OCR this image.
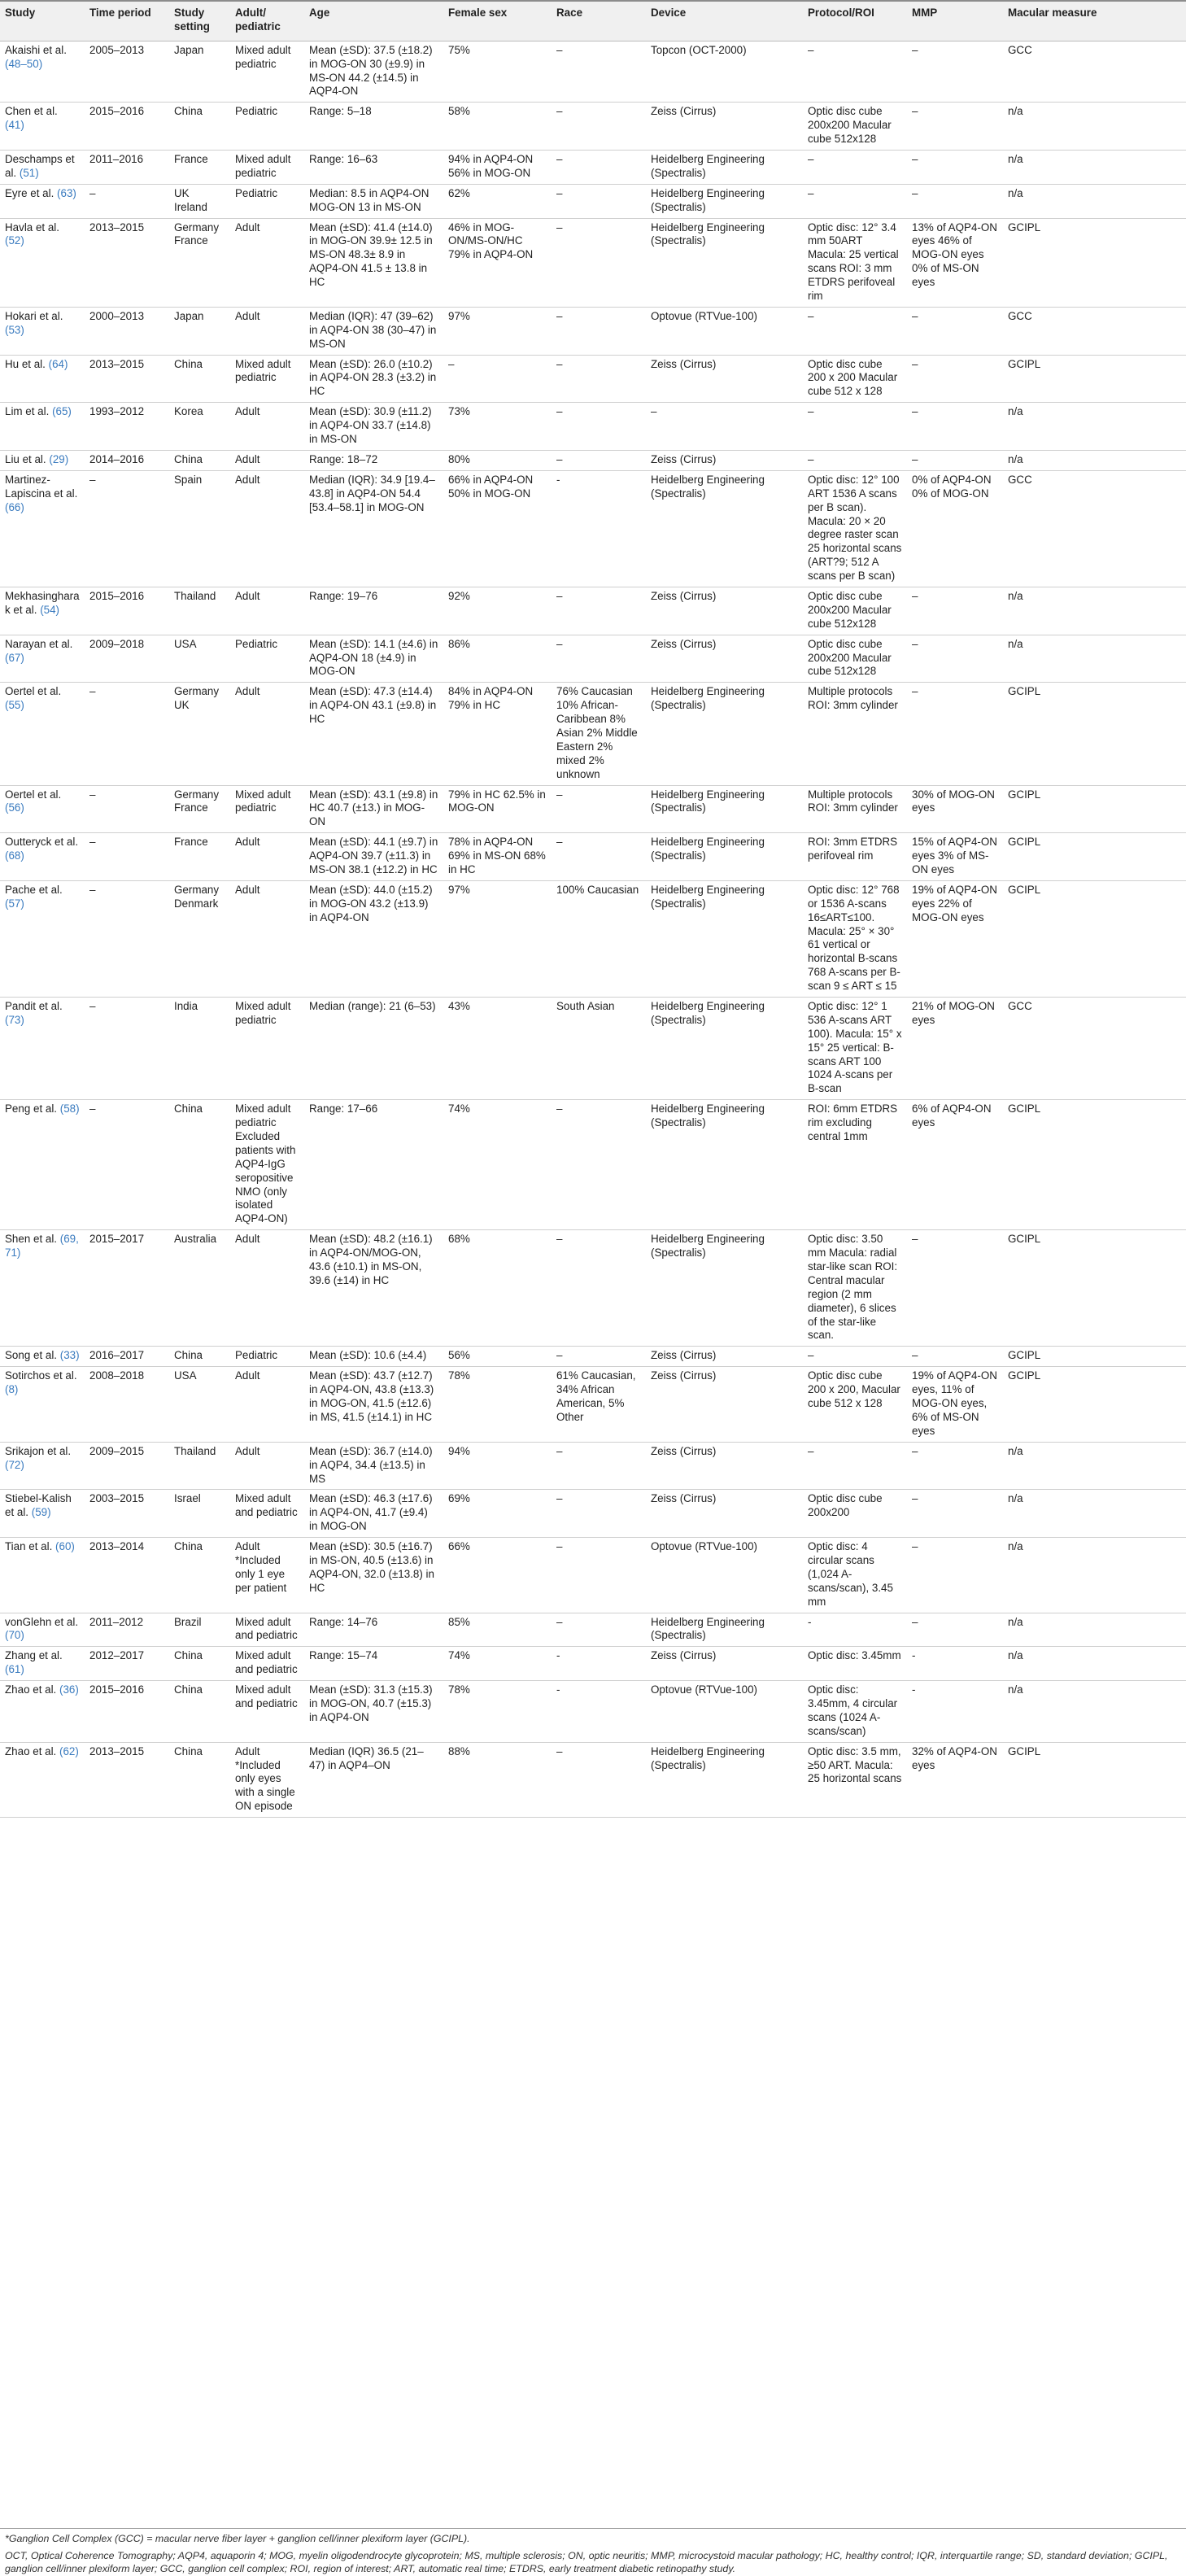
Study	Time period	Study setting	Adult/ pediatric	Age	Female sex	Race	Device	Protocol/ROI	MMP	Macular measure
Akaishi et al. (48–50)	2005–2013	Japan	Mixed adult pediatric	Mean (±SD): 37.5 (±18.2) in MOG-ON 30 (±9.9) in MS-ON 44.2 (±14.5) in AQP4-ON	75%	–	Topcon (OCT-2000)	–	–	GCC
Chen et al. (41)	2015–2016	China	Pediatric	Range: 5–18	58%	–	Zeiss (Cirrus)	Optic disc cube 200x200 Macular cube 512x128	–	n/a
Deschamps et al. (51)	2011–2016	France	Mixed adult pediatric	Range: 16–63	94% in AQP4-ON 56% in MOG-ON	–	Heidelberg Engineering (Spectralis)	–	–	n/a
Eyre et al. (63)	–	UK Ireland	Pediatric	Median: 8.5 in AQP4-ON MOG-ON 13 in MS-ON	62%	–	Heidelberg Engineering (Spectralis)	–	–	n/a
Havla et al. (52)	2013–2015	Germany France	Adult	Mean (±SD): 41.4 (±14.0) in MOG-ON 39.9± 12.5 in MS-ON 48.3± 8.9 in AQP4-ON 41.5 ± 13.8 in HC	46% in MOG-ON/MS-ON/HC 79% in AQP4-ON	–	Heidelberg Engineering (Spectralis)	Optic disc: 12° 3.4 mm 50ART Macula: 25 vertical scans ROI: 3 mm ETDRS perifoveal rim	13% of AQP4-ON eyes 46% of MOG-ON eyes 0% of MS-ON eyes	GCIPL
Hokari et al. (53)	2000–2013	Japan	Adult	Median (IQR): 47 (39–62) in AQP4-ON 38 (30–47) in MS-ON	97%	–	Optovue (RTVue-100)	–	–	GCC
Hu et al. (64)	2013–2015	China	Mixed adult pediatric	Mean (±SD): 26.0 (±10.2) in AQP4-ON 28.3 (±3.2) in HC	–	–	Zeiss (Cirrus)	Optic disc cube 200 x 200 Macular cube 512 x 128	–	GCIPL
Lim et al. (65)	1993–2012	Korea	Adult	Mean (±SD): 30.9 (±11.2) in AQP4-ON 33.7 (±14.8) in MS-ON	73%	–	–	–	–	n/a
Liu et al. (29)	2014–2016	China	Adult	Range: 18–72	80%	–	Zeiss (Cirrus)	–	–	n/a
Martinez-Lapiscina et al. (66)	–	Spain	Adult	Median (IQR): 34.9 [19.4–43.8] in AQP4-ON 54.4 [53.4–58.1] in MOG-ON	66% in AQP4-ON 50% in MOG-ON	-	Heidelberg Engineering (Spectralis)	Optic disc: 12° 100 ART 1536 A scans per B scan). Macula: 20 × 20 degree raster scan 25 horizontal scans (ART?9; 512 A scans per B scan)	0% of AQP4-ON 0% of MOG-ON	GCC
Mekhasingharak et al. (54)	2015–2016	Thailand	Adult	Range: 19–76	92%	–	Zeiss (Cirrus)	Optic disc cube 200x200 Macular cube 512x128	–	n/a
Narayan et al. (67)	2009–2018	USA	Pediatric	Mean (±SD): 14.1 (±4.6) in AQP4-ON 18 (±4.9) in MOG-ON	86%	–	Zeiss (Cirrus)	Optic disc cube 200x200 Macular cube 512x128	–	n/a
Oertel et al. (55)	–	Germany UK	Adult	Mean (±SD): 47.3 (±14.4) in AQP4-ON 43.1 (±9.8) in HC	84% in AQP4-ON 79% in HC	76% Caucasian 10% African-Caribbean 8% Asian 2% Middle Eastern 2% mixed 2% unknown	Heidelberg Engineering (Spectralis)	Multiple protocols ROI: 3mm cylinder	–	GCIPL
Oertel et al. (56)	–	Germany France	Mixed adult pediatric	Mean (±SD): 43.1 (±9.8) in HC 40.7 (±13.) in MOG-ON	79% in HC 62.5% in MOG-ON	–	Heidelberg Engineering (Spectralis)	Multiple protocols ROI: 3mm cylinder	30% of MOG-ON eyes	GCIPL
Outteryck et al. (68)	–	France	Adult	Mean (±SD): 44.1 (±9.7) in AQP4-ON 39.7 (±11.3) in MS-ON 38.1 (±12.2) in HC	78% in AQP4-ON 69% in MS-ON 68% in HC	–	Heidelberg Engineering (Spectralis)	ROI: 3mm ETDRS perifoveal rim	15% of AQP4-ON eyes 3% of MS-ON eyes	GCIPL
Pache et al. (57)	–	Germany Denmark	Adult	Mean (±SD): 44.0 (±15.2) in MOG-ON 43.2 (±13.9) in AQP4-ON	97%	100% Caucasian	Heidelberg Engineering (Spectralis)	Optic disc: 12° 768 or 1536 A-scans 16≤ART≤100. Macula: 25° × 30° 61 vertical or horizontal B-scans 768 A-scans per B-scan 9 ≤ ART ≤ 15	19% of AQP4-ON eyes 22% of MOG-ON eyes	GCIPL
Pandit et al. (73)	–	India	Mixed adult pediatric	Median (range): 21 (6–53)	43%	South Asian	Heidelberg Engineering (Spectralis)	Optic disc: 12° 1 536 A-scans ART 100). Macula: 15° x 15° 25 vertical: B-scans ART 100 1024 A-scans per B-scan	21% of MOG-ON eyes	GCC
Peng et al. (58)	–	China	Mixed adult pediatric Excluded patients with AQP4-IgG seropositive NMO (only isolated AQP4-ON)	Range: 17–66	74%	–	Heidelberg Engineering (Spectralis)	ROI: 6mm ETDRS rim excluding central 1mm	6% of AQP4-ON eyes	GCIPL
Shen et al. (69, 71)	2015–2017	Australia	Adult	Mean (±SD): 48.2 (±16.1) in AQP4-ON/MOG-ON, 43.6 (±10.1) in MS-ON, 39.6 (±14) in HC	68%	–	Heidelberg Engineering (Spectralis)	Optic disc: 3.50 mm Macula: radial star-like scan ROI: Central macular region (2 mm diameter), 6 slices of the star-like scan.	–	GCIPL
Song et al. (33)	2016–2017	China	Pediatric	Mean (±SD): 10.6 (±4.4)	56%	–	Zeiss (Cirrus)	–	–	GCIPL
Sotirchos et al. (8)	2008–2018	USA	Adult	Mean (±SD): 43.7 (±12.7) in AQP4-ON, 43.8 (±13.3) in MOG-ON, 41.5 (±12.6) in MS, 41.5 (±14.1) in HC	78%	61% Caucasian, 34% African American, 5% Other	Zeiss (Cirrus)	Optic disc cube 200 x 200, Macular cube 512 x 128	19% of AQP4-ON eyes, 11% of MOG-ON eyes, 6% of MS-ON eyes	GCIPL
Srikajon et al. (72)	2009–2015	Thailand	Adult	Mean (±SD): 36.7 (±14.0) in AQP4, 34.4 (±13.5) in MS	94%	–	Zeiss (Cirrus)	–	–	n/a
Stiebel-Kalish et al. (59)	2003–2015	Israel	Mixed adult and pediatric	Mean (±SD): 46.3 (±17.6) in AQP4-ON, 41.7 (±9.4) in MOG-ON	69%	–	Zeiss (Cirrus)	Optic disc cube 200x200	–	n/a
Tian et al. (60)	2013–2014	China	Adult *Included only 1 eye per patient	Mean (±SD): 30.5 (±16.7) in MS-ON, 40.5 (±13.6) in AQP4-ON, 32.0 (±13.8) in HC	66%	–	Optovue (RTVue-100)	Optic disc: 4 circular scans (1,024 A-scans/scan), 3.45 mm	–	n/a
vonGlehn et al. (70)	2011–2012	Brazil	Mixed adult and pediatric	Range: 14–76	85%	–	Heidelberg Engineering (Spectralis)	-	–	n/a
Zhang et al. (61)	2012–2017	China	Mixed adult and pediatric	Range: 15–74	74%	-	Zeiss (Cirrus)	Optic disc: 3.45mm	-	n/a
Zhao et al. (36)	2015–2016	China	Mixed adult and pediatric	Mean (±SD): 31.3 (±15.3) in MOG-ON, 40.7 (±15.3) in AQP4-ON	78%	-	Optovue (RTVue-100)	Optic disc: 3.45mm, 4 circular scans (1024 A-scans/scan)	-	n/a
Zhao et al. (62)	2013–2015	China	Adult *Included only eyes with a single ON episode	Median (IQR) 36.5 (21–47) in AQP4–ON	88%	–	Heidelberg Engineering (Spectralis)	Optic disc: 3.5 mm, ≥50 ART. Macula: 25 horizontal scans	32% of AQP4-ON eyes	GCIPL

*Ganglion Cell Complex (GCC) = macular nerve fiber layer + ganglion cell/inner plexiform layer (GCIPL).

OCT, Optical Coherence Tomography; AQP4, aquaporin 4; MOG, myelin oligodendrocyte glycoprotein; MS, multiple sclerosis; ON, optic neuritis; MMP, microcystoid macular pathology; HC, healthy control; IQR, interquartile range; SD, standard deviation; GCIPL, ganglion cell/inner plexiform layer; GCC, ganglion cell complex; ROI, region of interest; ART, automatic real time; ETDRS, early treatment diabetic retinopathy study.
